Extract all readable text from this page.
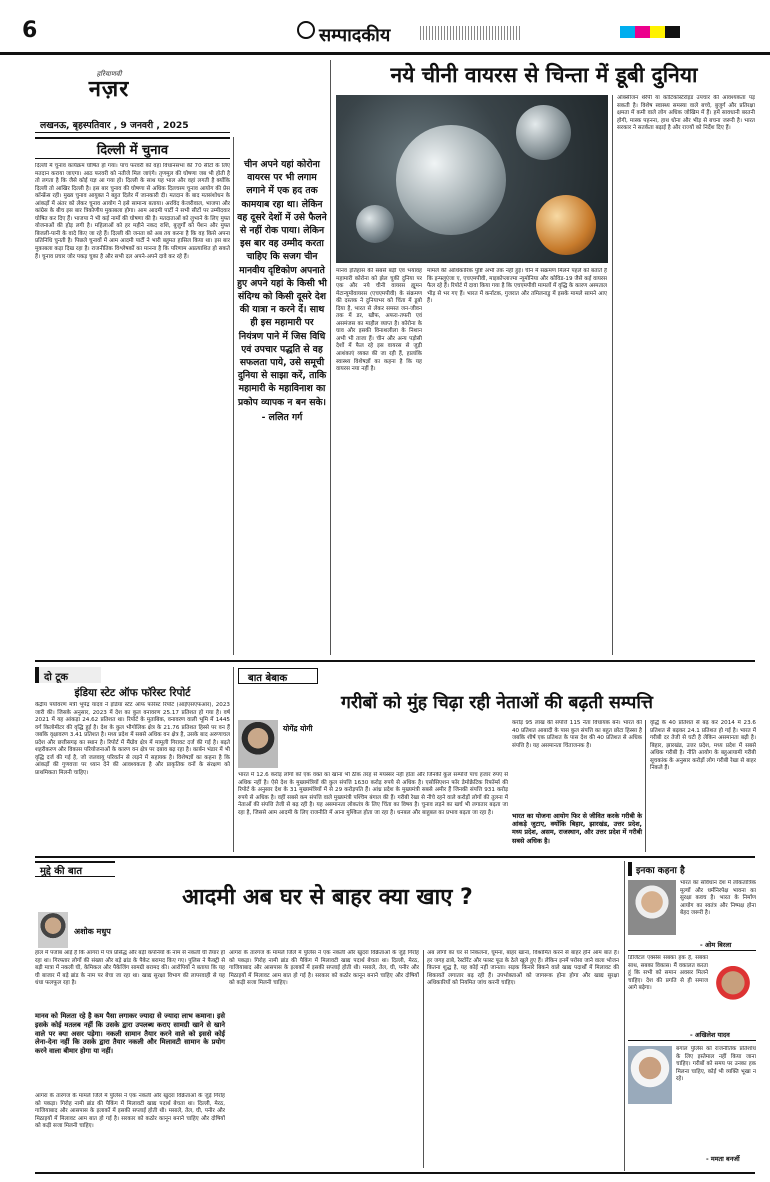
6	सम्पादकीय
हरियाणवी
नज़र
लखनऊ, बृहस्पतिवार , 9 जनवरी , 2025
दिल्ली में चुनाव
दिल्ली में चुनाव कार्यक्रम घोषित हो गया। पांच फरवरी को वहां विधानसभा की 70 सीटों के लिए मतदान कराया जाएगा। आठ फरवरी को नतीजे मिल जाएंगे। तृणमूल की घोषणा जब भी होती है तो लगता है कि जैसे कोई यज्ञ आ गया हो। दिल्ली के साथ यह भाल और वहां लगती है क्योंकि दिल्ली तो आखिर दिल्ली है। इस बार चुनाव की घोषणा से अधिक दिलचस्प चुनाव आयोग की प्रेस कॉन्फ्रेंस रही। मुख्य चुनाव आयुक्त ने बहुत दिलेर में जानकारी दी। मतदान के बाद मतसंशोधन के आंकड़ों में अंतर को लेकर चुनाव आयोग ने इसे सामान्य बताया। अरविंद केजरीवाल, भाजपा और कांग्रेस के बीच इस बार त्रिकोणीय मुकाबला होगा। आम आदमी पार्टी ने सभी सीटों पर उम्मीदवार घोषित कर दिए हैं। भाजपा ने भी कई नामों की घोषणा की है। मतदाताओं को लुभाने के लिए मुफ्त योजनाओं की होड़ लगी है। महिलाओं को हर महीने नकद राशि, बुजुर्गों को पेंशन और मुफ्त बिजली-पानी के वादे किए जा रहे हैं। दिल्ली की जनता को अब तय करना है कि वह किसे अपना प्रतिनिधि चुनती है। पिछले चुनावों में आम आदमी पार्टी ने भारी बहुमत हासिल किया था। इस बार मुकाबला कड़ा दिख रहा है। राजनीतिक विश्लेषकों का मानना है कि परिणाम अप्रत्याशित हो सकते हैं। चुनाव प्रचार जोर पकड़ चुका है और सभी दल अपने-अपने दावे कर रहे हैं।
चीन अपने यहां कोरोना वायरस पर भी लगाम लगाने में एक हद तक कामयाब रहा था। लेकिन वह दूसरे देशों में उसे फैलने से नहीं रोक पाया। लेकिन इस बार वह उम्मीद करता चाहिए कि सजग चीन मानवीय दृष्टिकोण अपनाते हुए अपने यहां के किसी भी संदिग्ध को किसी दूसरे देश की यात्रा न करने दें। साथ ही इस महामारी पर नियंत्रण पाने में जिस विधि एवं उपचार पद्धति से वह सफलता पाये, उसे समूची दुनिया से साझा करें, ताकि महामारी के महाविनाश का प्रकोप व्यापक न बन सके।
- ललित गर्ग
नये चीनी वायरस से चिन्ता में डूबी दुनिया
मानव इतिहास की सबसे बड़ी एवं भयावह महामारी कोरोना को झेल चुकी दुनिया पर एक और नये चीनी वायरस ह्यूमन मेटान्यूमोवायरस (एचएमपीवी) के संक्रमण की दस्तक ने दुनियाभर को चिंता में डूबो दिया है, भारत से लेकर समस्त जन-जीवन तक में डर, खौफ, अफरा-तफरी एवं असमंजस का माहौल व्याप्त है। कोरोना के घाव और इसकी विनाशलीला के निशान अभी भी ताजा हैं। चीन और अन्य पड़ोसी देशों में फैल रहे इस वायरस से जुड़ी आशंकाएं व्यक्त की जा रही हैं, हालांकि स्वास्थ्य विशेषज्ञों का कहना है कि यह वायरस नया नहीं है।
मामले की आधिकारिक पुष्टि अभी तक नहीं हुई। चीन में संक्रमण मिलने पहले को बताते हैं कि इन्फ्लूएंजा ए, एचएमपीवी, माइकोप्लाज्मा न्यूमोनिया और कोविड-19 जैसे कई वायरस फैल रहे हैं। रिपोर्ट में दावा किया गया है कि एचएमपीवी मामलों में वृद्धि के कारण अस्पताल भीड़ से भर गए हैं। भारत में कर्नाटक, गुजरात और तमिलनाडु में इसके मामले सामने आए हैं।
ऑक्सीजन थेरेपी या कॉर्टिकोस्टेरॉइड उपचार की आवश्यकता पड़ सकती है। विशेष स्वास्थ्य समस्या वाले बच्चे, बुजुर्ग और प्रतिरक्षा क्षमता में कमी वाले लोग अधिक जोखिम में हैं। हमें सावधानी बरतनी होगी, मास्क पहनना, हाथ धोना और भीड़ से बचना जरूरी है। भारत सरकार ने सतर्कता बढ़ाई है और राज्यों को निर्देश दिए हैं।
दो टूक
इंडिया स्टेट ऑफ फॉरेस्ट रिपोर्ट
केंद्रीय पर्यावरण मंत्री भूपेंद्र यादव ने इंडिया स्टेट ऑफ फॉरेस्ट रिपोर्ट (आईएसएफआर), 2023 जारी की। जिसके अनुसार, 2023 में देश का कुल वनावरण 25.17 प्रतिशत हो गया है। वर्ष 2021 में यह आंकड़ा 24.62 प्रतिशत था। रिपोर्ट के मुताबिक, वनावरण वाली भूमि में 1445 वर्ग किलोमीटर की वृद्धि हुई है। देश के कुल भौगोलिक क्षेत्र के 21.76 प्रतिशत हिस्से पर वन हैं जबकि वृक्षावरण 3.41 प्रतिशत है। मध्य प्रदेश में सबसे अधिक वन क्षेत्र है, उसके बाद अरुणाचल प्रदेश और छत्तीसगढ़ का स्थान है। रिपोर्ट में मैंग्रोव क्षेत्र में मामूली गिरावट दर्ज की गई है। बढ़ते शहरीकरण और विकास परियोजनाओं के कारण वन क्षेत्र पर दबाव बढ़ रहा है। कार्बन भंडार में भी वृद्धि दर्ज की गई है, जो जलवायु परिवर्तन से लड़ने में सहायक है। विशेषज्ञों का कहना है कि आंकड़ों की गुणवत्ता पर ध्यान देने की आवश्यकता है और प्राकृतिक वनों के संरक्षण को प्राथमिकता मिलनी चाहिए।
बात बेबाक
गरीबों को मुंह चिढ़ा रही नेताओं की बढ़ती सम्पत्ति
योगेंद्र योगी
भारत में 12.6 करोड़ लोगों को एक वक्त का खाना भी ठीक तरह से मयस्सर नहीं होता और जिनकी कुल सम्पत्ति पांच हजार रुपए से अधिक नहीं है। ऐसे देश के मुख्यमंत्रियों की कुल संपत्ति 1630 करोड़ रुपये से अधिक है। एसोसिएशन फॉर डेमोक्रेटिक रिफॉर्म्स की रिपोर्ट के अनुसार देश के 31 मुख्यमंत्रियों में से 29 करोड़पति हैं। आंध्र प्रदेश के मुख्यमंत्री सबसे अमीर हैं जिनकी संपत्ति 931 करोड़ रुपये से अधिक है। वहीं सबसे कम संपत्ति वाले मुख्यमंत्री पश्चिम बंगाल की हैं। गरीबी रेखा से नीचे रहने वाले करोड़ों लोगों की तुलना में नेताओं की संपत्ति तेजी से बढ़ रही है। यह असमानता लोकतंत्र के लिए चिंता का विषय है। चुनाव लड़ने का खर्च भी लगातार बढ़ता जा रहा है, जिससे आम आदमी के लिए राजनीति में आना मुश्किल होता जा रहा है। धनबल और बाहुबल का प्रभाव बढ़ता जा रहा है।
करोड़ 95 लाख की संपत्ति 115 नेता विधायक बने। भारत की 40 प्रतिशत आबादी के पास कुल संपत्ति का बहुत छोटा हिस्सा है जबकि शीर्ष एक प्रतिशत के पास देश की 40 प्रतिशत से अधिक संपत्ति है। यह असमानता चिंताजनक है।
भारत का योजना आयोग फिर से जीवित करके गरीबी के आंकड़े जुटाए, क्योंकि बिहार, झारखंड, उत्तर प्रदेश, मध्य प्रदेश, असम, राजस्थान, और उत्तर प्रदेश में गरीबी सबसे अधिक है।
वृद्धि के 40 प्रतिशत से बढ़ कर 2014 में 23.6 प्रतिशत से बढ़कर 24.1 प्रतिशत हो गई है। भारत में गरीबी दर तेजी से घटी है लेकिन असमानता बढ़ी है। बिहार, झारखंड, उत्तर प्रदेश, मध्य प्रदेश में सबसे अधिक गरीबी है। नीति आयोग के बहुआयामी गरीबी सूचकांक के अनुसार करोड़ों लोग गरीबी रेखा से बाहर निकले हैं।
मुद्दे की बात
आदमी अब घर से बाहर क्या खाए ?
अशोक मधुप
हाल में पंजाब आई है कि आगरा में पत्र प्रसिद्ध और बड़ी कंपनियों के नाम से नकली घी तैयार हो रहा था। गिरफ्तार लोगों की संख्या और बड़े ब्रांड के पैकेट बरामद किए गए। पुलिस ने फैक्ट्री से बड़ी मात्रा में नकली घी, केमिकल और पैकेजिंग सामग्री बरामद की। आरोपियों ने बताया कि यह घी बाजार में बड़े ब्रांड के नाम पर बेचा जा रहा था। खाद्य सुरक्षा विभाग की लापरवाही से यह धंधा फलफूल रहा है।
मानव को मिलता रहे है कम पैसा लगाकर ज्यादा से ज्यादा लाभ कमाना। इसे इसके कोई मतलब नहीं कि उसके द्वारा उपलब्ध कराए सामग्री खाने से खाने वाले पर क्या असर पड़ेगा। नकली सामान तैयार करने वाले को इससे कोई लेना-देना नहीं कि उसके द्वारा तैयार नकली और मिलावटी सामान के प्रयोग करने वाला बीमार होगा या नहीं।
आगरा के तारगंज के मामले जिले में पुलिस ने एक नकली और खुदरा विक्रेताओं के जुड़े गिरोह को पकड़ा। गिरोह नामी ब्रांड की पैकिंग में मिलावटी खाद्य पदार्थ बेचता था। दिल्ली, मेरठ, गाजियाबाद और आसपास के इलाकों में इसकी सप्लाई होती थी। मसाले, तेल, घी, पनीर और मिठाइयों में मिलावट आम बात हो गई है। सरकार को कठोर कानून बनाने चाहिए और दोषियों को कड़ी सजा मिलनी चाहिए।
अब लोगों का घर से निकलना, घूमना, बाहर खाना, विश्रामित करने से बाहर होने आम बात है। हर जगह ढाबे, रेस्टोरेंट और फास्ट फूड के ठेले खुले हुए हैं। लेकिन इनमें परोसा जाने वाला भोजन कितना शुद्ध है, यह कोई नहीं जानता। सड़क किनारे बिकने वाले खाद्य पदार्थों में मिलावट की शिकायतें लगातार बढ़ रही हैं। उपभोक्ताओं को जागरूक होना होगा और खाद्य सुरक्षा अधिकारियों को नियमित जांच करनी चाहिए।
आगरा के तारगंज के मामले जिले में पुलिस ने एक नकली और खुदरा विक्रेताओं के जुड़े गिरोह को पकड़ा। गिरोह नामी ब्रांड की पैकिंग में मिलावटी खाद्य पदार्थ बेचता था। दिल्ली, मेरठ, गाजियाबाद और आसपास के इलाकों में इसकी सप्लाई होती थी। मसाले, तेल, घी, पनीर और मिठाइयों में मिलावट आम बात हो गई है। सरकार को कठोर कानून बनाने चाहिए और दोषियों को कड़ी सजा मिलनी चाहिए।
इनका कहना है
भारत का संविधान देश में लोकतांत्रिक मूल्यों और धर्मनिरपेक्ष भावना का सुरक्षा कवच है। भारत के निर्माण आयोग का स्वतंत्र और निष्पक्ष होना बेहद जरूरी है।
- ओम बिरला
डिजिटल एक्सेस सबका हक है, सबका साथ, सबका विकास। मैं वकालत करता हूं कि सभी को समान अवसर मिलने चाहिए। देश की प्रगति से ही समाज आगे बढ़ेगा।
- अखिलेश यादव
बंगाल पुलिस को राजनीतिक प्रतिशोध के लिए इस्तेमाल नहीं किया जाना चाहिए। गरीबों को समय पर उनका हक मिलना चाहिए, कोई भी व्यक्ति भूखा न रहे।
- ममता बनर्जी
